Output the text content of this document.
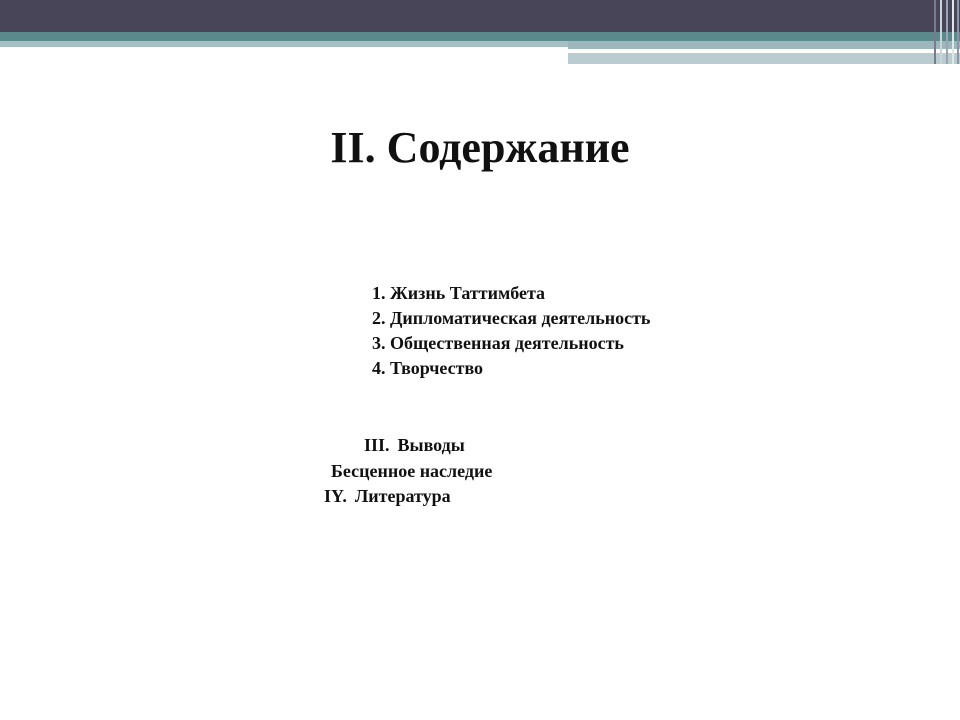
II. Содержание
1. Жизнь Таттимбета
2. Дипломатическая деятельность
3. Общественная деятельность
4. Творчество
III. Выводы
Бесценное наследие
IY. Литература
